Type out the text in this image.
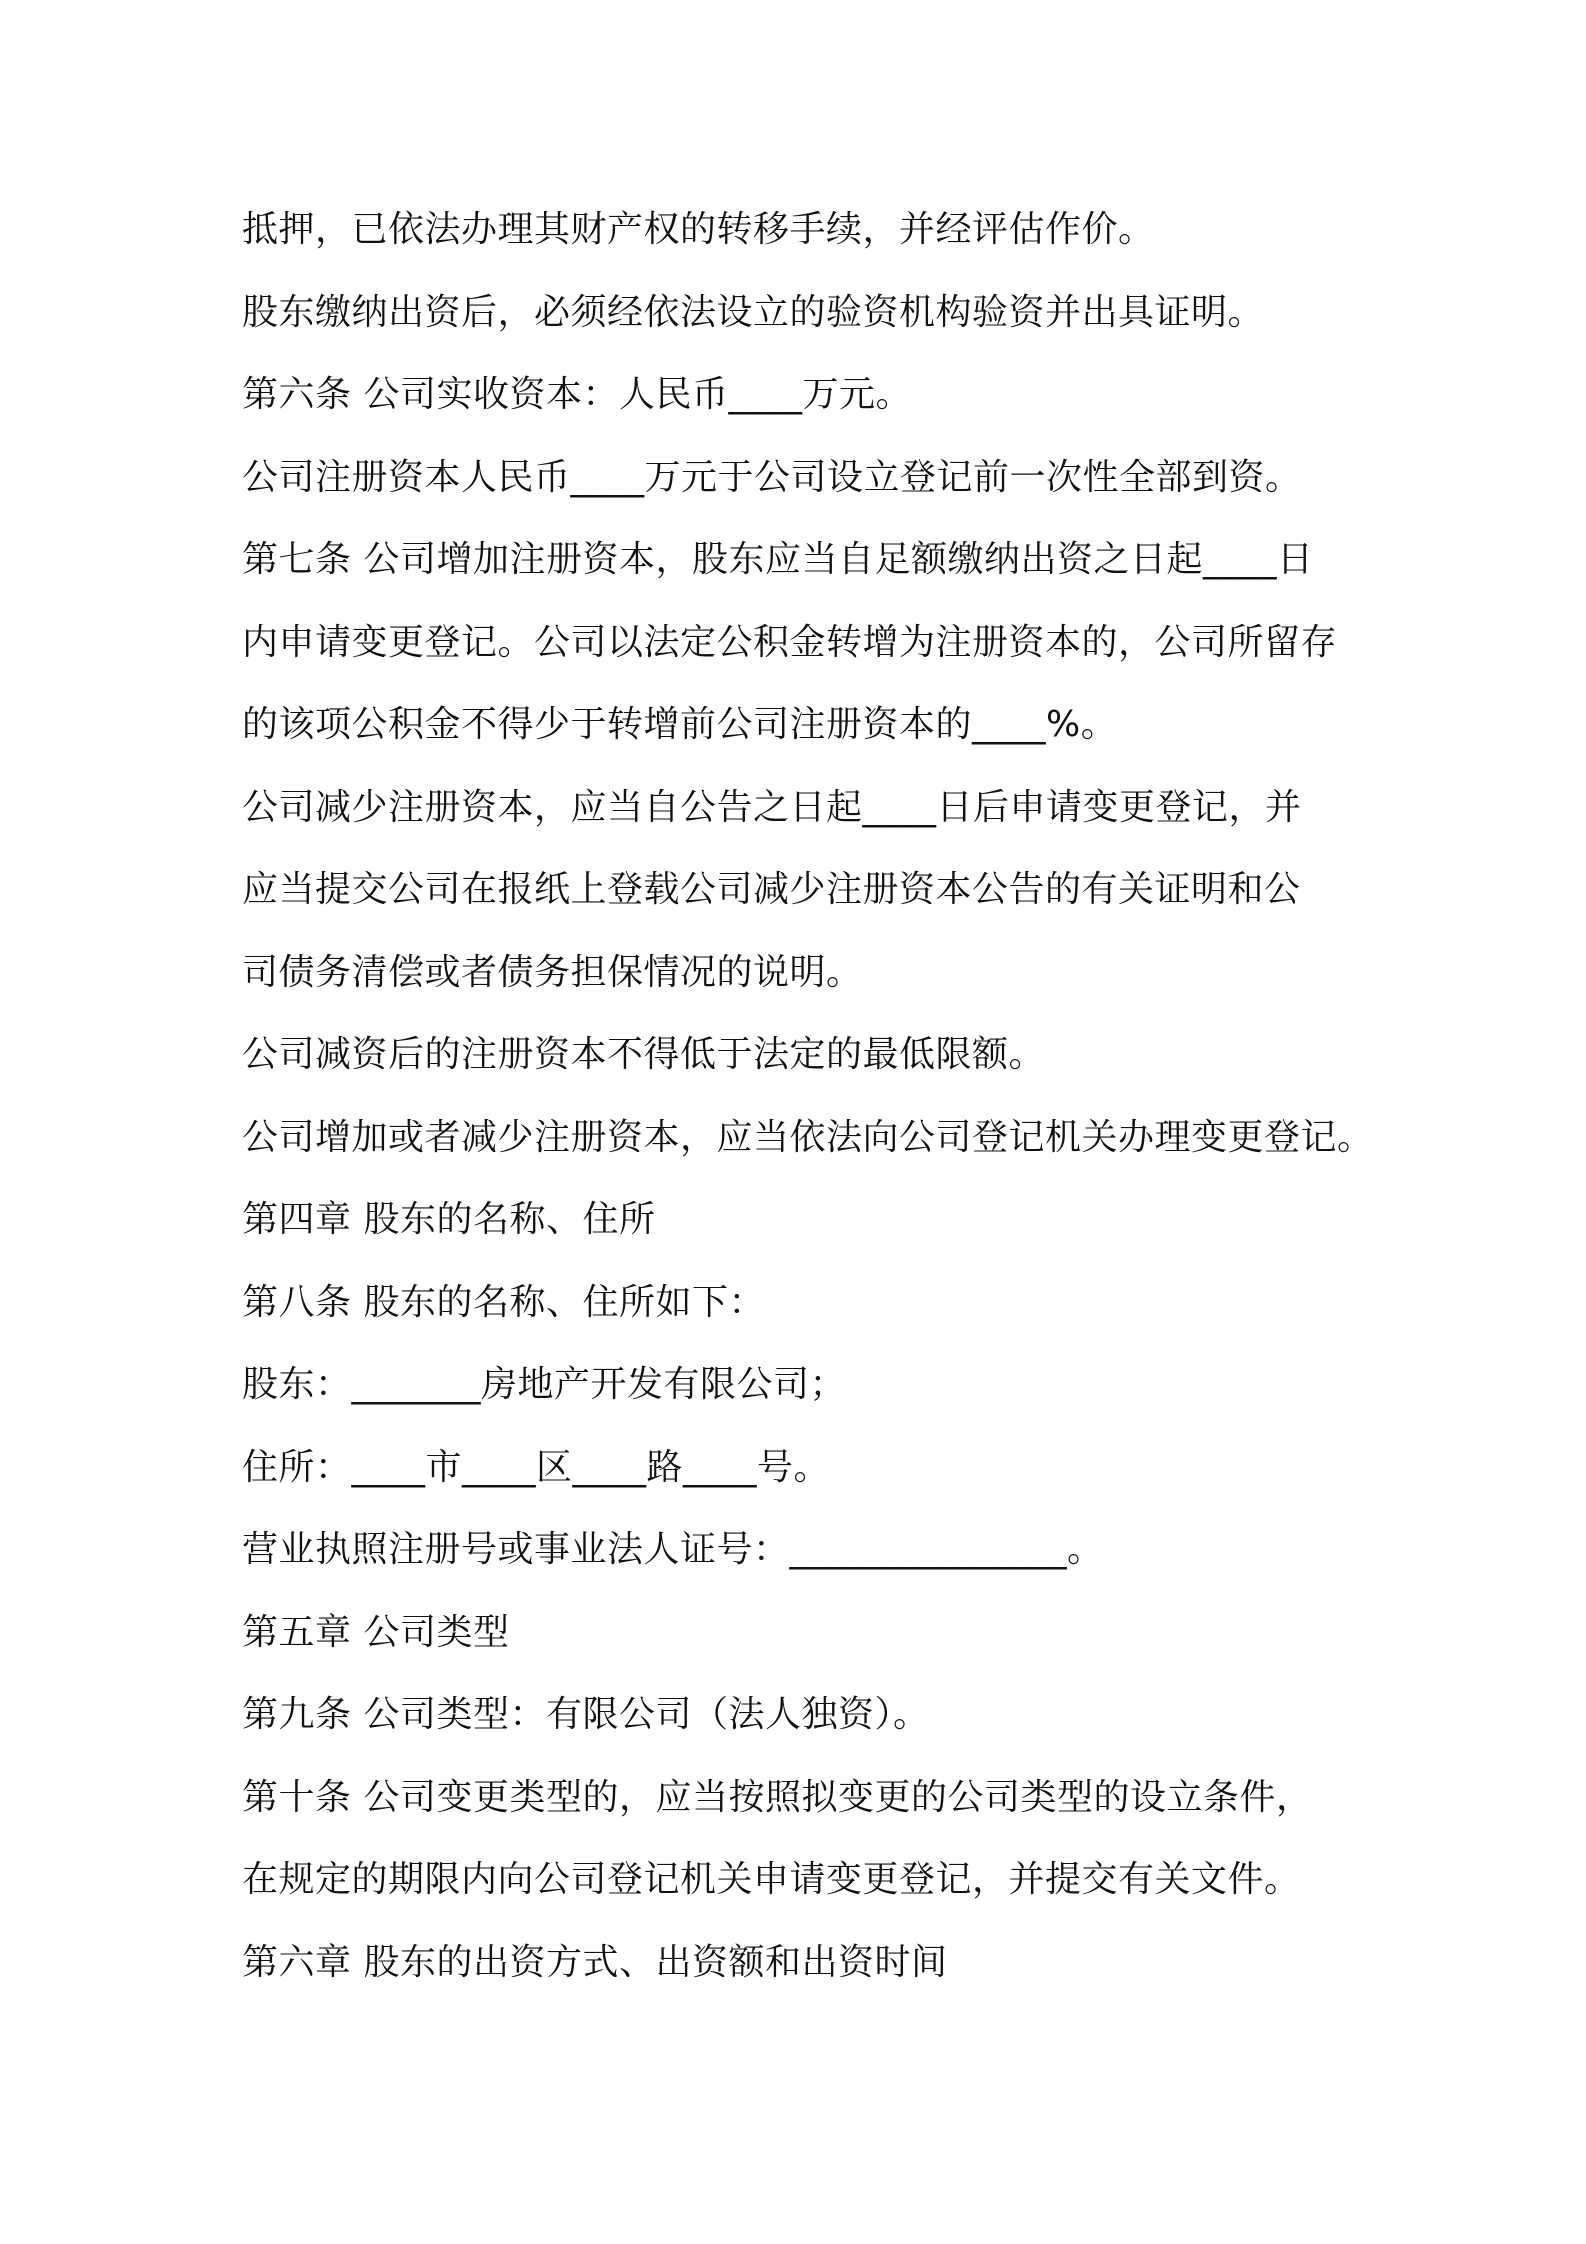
抵押，已依法办理其财产权的转移手续，并经评估作价。
股东缴纳出资后，必须经依法设立的验资机构验资并出具证明。
第六条 公司实收资本：人民币____万元。
公司注册资本人民币____万元于公司设立登记前一次性全部到资。
第七条 公司增加注册资本，股东应当自足额缴纳出资之日起____日
内申请变更登记。公司以法定公积金转增为注册资本的，公司所留存
的该项公积金不得少于转增前公司注册资本的____%。
公司减少注册资本，应当自公告之日起____日后申请变更登记，并
应当提交公司在报纸上登载公司减少注册资本公告的有关证明和公
司债务清偿或者债务担保情况的说明。
公司减资后的注册资本不得低于法定的最低限额。
公司增加或者减少注册资本，应当依法向公司登记机关办理变更登记。
第四章 股东的名称、住所
第八条 股东的名称、住所如下：
股东：_______房地产开发有限公司；
住所：____市____区____路____号。
营业执照注册号或事业法人证号：_______________。
第五章 公司类型
第九条 公司类型：有限公司（法人独资）。
第十条 公司变更类型的，应当按照拟变更的公司类型的设立条件，
在规定的期限内向公司登记机关申请变更登记，并提交有关文件。
第六章 股东的出资方式、出资额和出资时间
